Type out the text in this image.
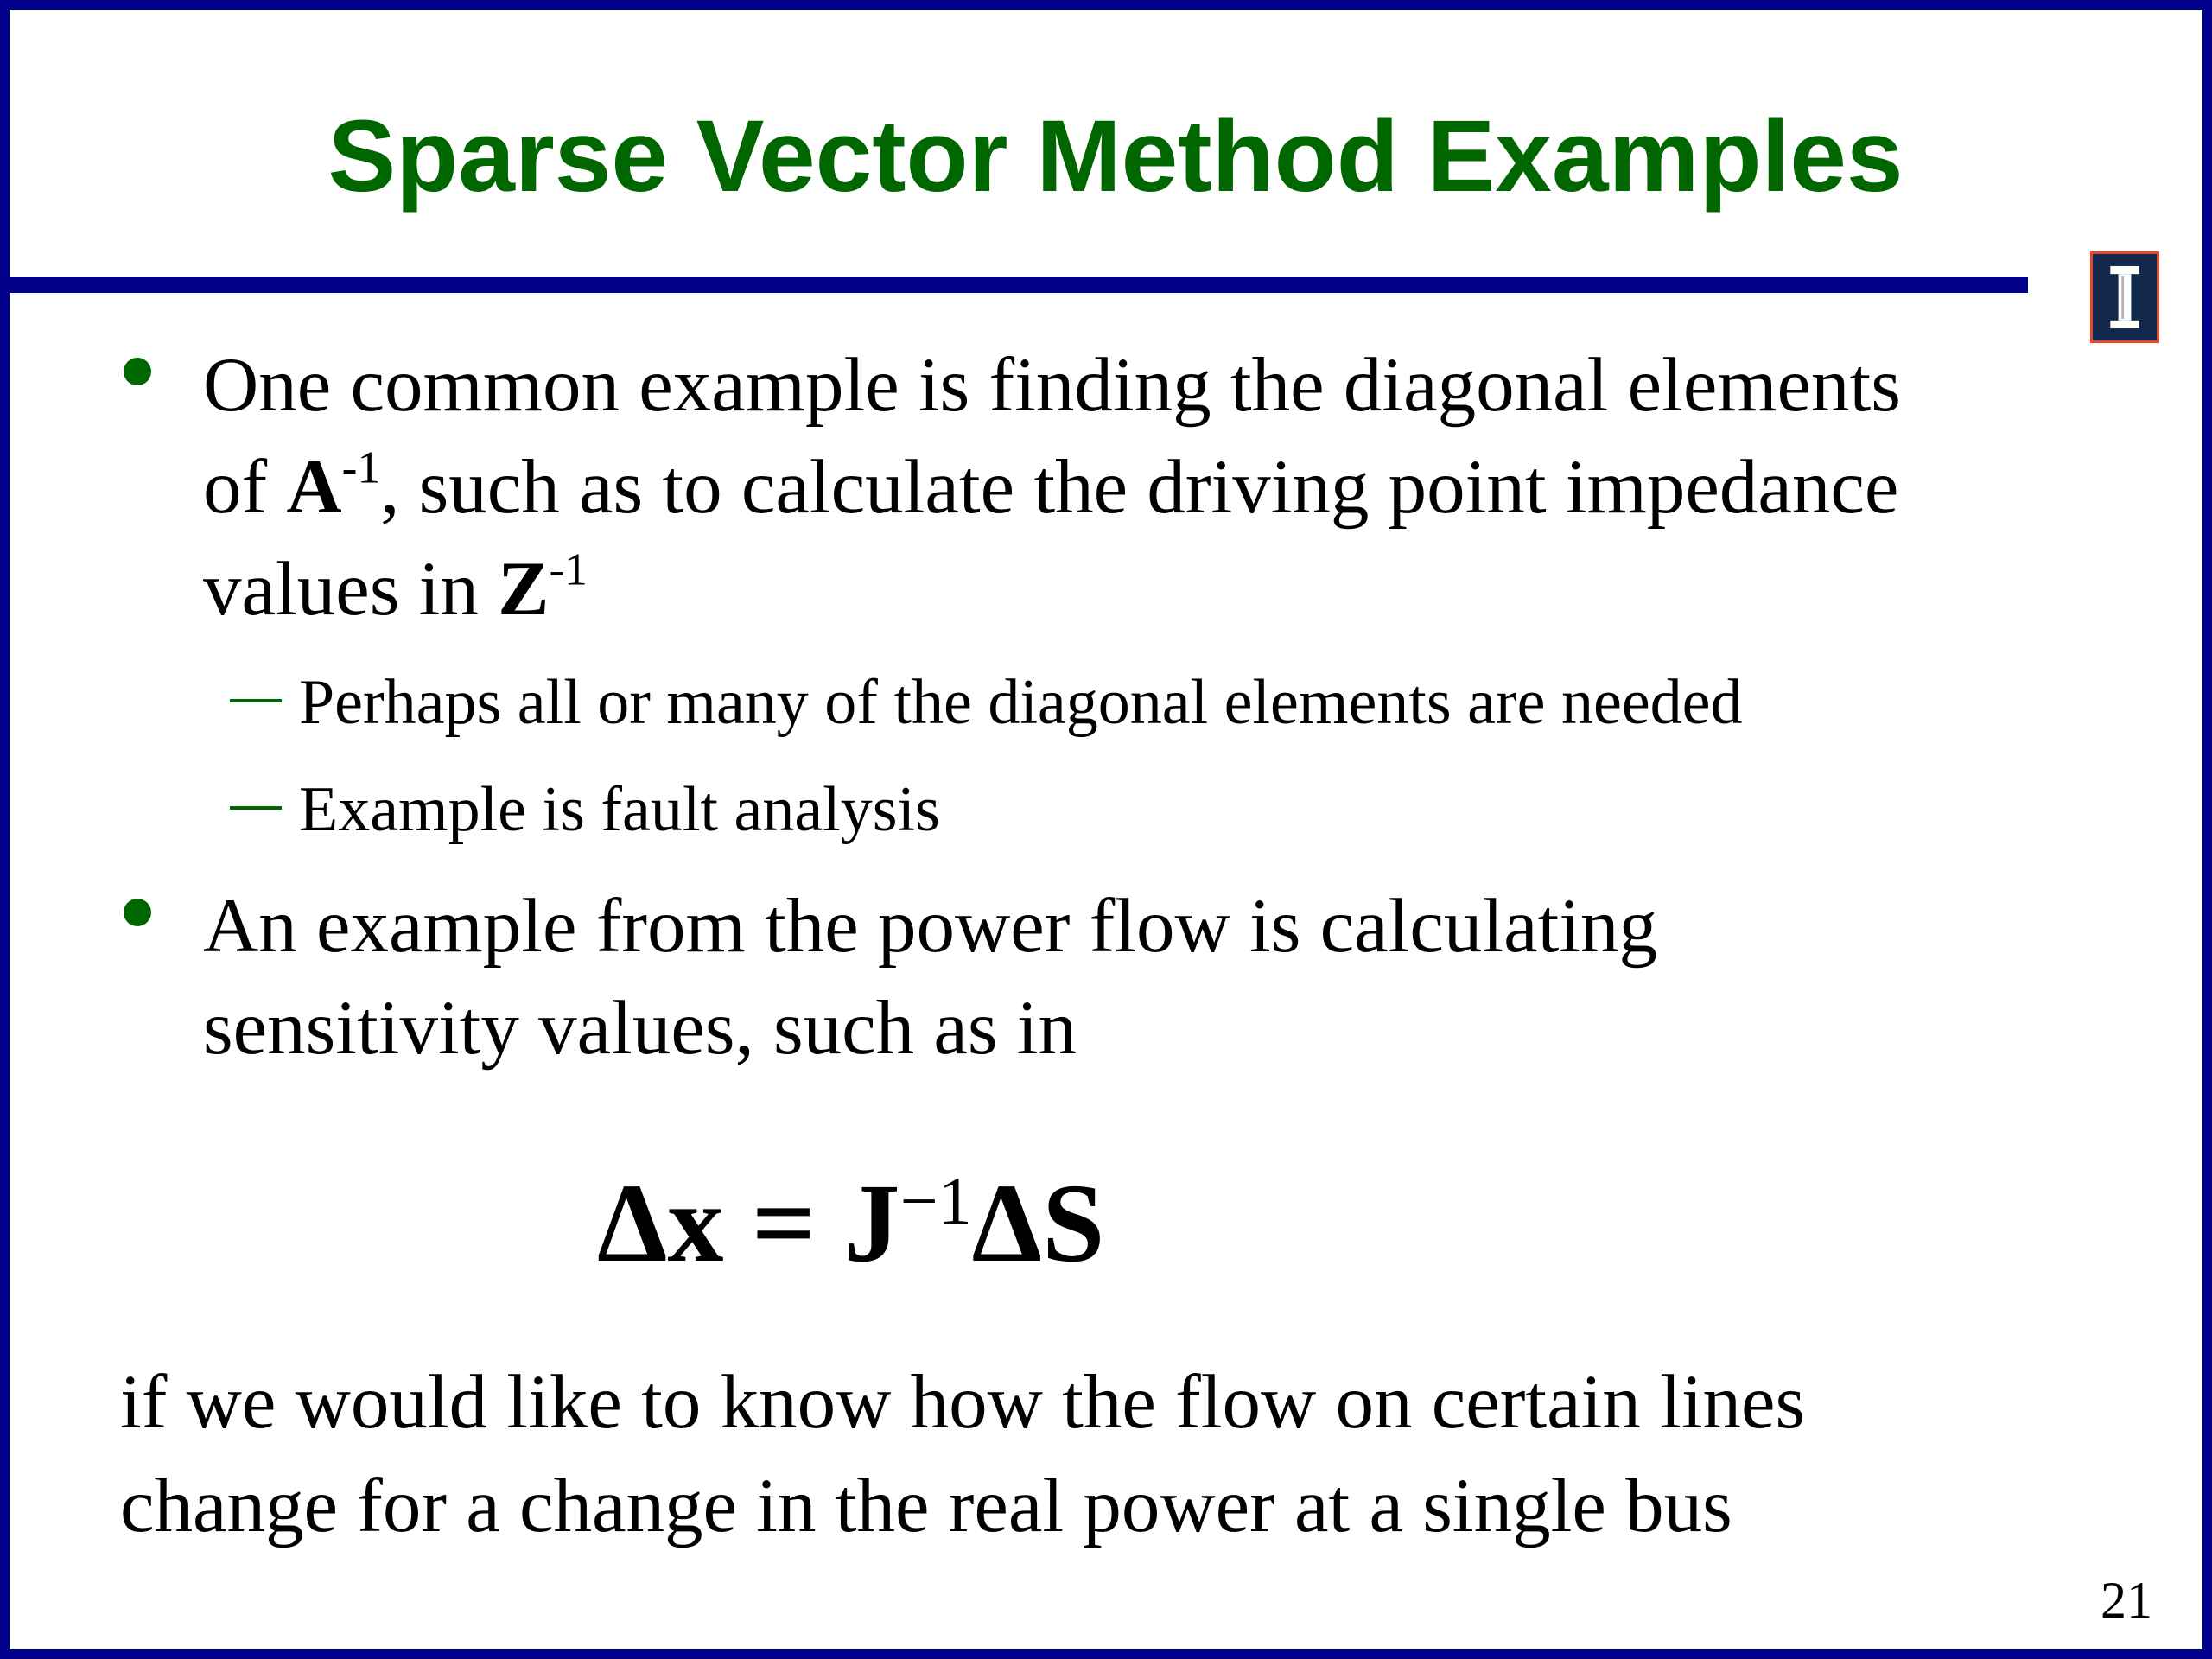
Sparse Vector Method Examples
One common example is finding the diagonal elements
of $A^{-1}$, such as to calculate the driving point impedance
values in $Z^{-1}$
Perhaps all or many of the diagonal elements are needed
Example is fault analysis
An example from the power flow is calculating
sensitivity values, such as in
$\Delta x = J^{-1}\Delta S$
if we would like to know how the flow on certain lines
change for a change in the real power at a single bus
21
